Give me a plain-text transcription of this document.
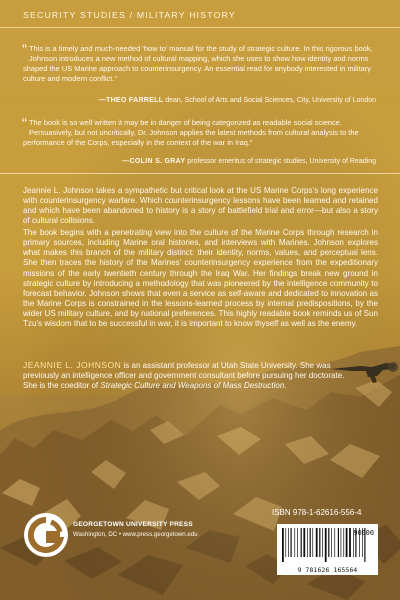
SECURITY STUDIES / MILITARY HISTORY
“ This is a timely and much-needed ‘how to’ manual for the study of strategic culture. In this rigorous book, Johnson introduces a new method of cultural mapping, which she uses to show how identity and norms shaped the US Marine approach to counterinsurgency. An essential read for anybody interested in military culture and modern conflict.”

—THEO FARRELL dean, School of Arts and Social Sciences, City, University of London
“ The book is so well written it may be in danger of being categorized as readable social science. Persuasively, but not uncritically, Dr. Johnson applies the latest methods from cultural analysis to the performance of the Corps, especially in the context of the war in Iraq.”

—COLIN S. GRAY professor emeritus of strategic studies, University of Reading

Jeannie L. Johnson takes a sympathetic but critical look at the US Marine Corps’s long experience with counterinsurgency warfare. Which counterinsurgency lessons have been learned and retained and which have been abandoned to history is a story of battlefield trial and error—but also a story of cultural collisions.

The book begins with a penetrating view into the culture of the Marine Corps through research in primary sources, including Marine oral histories, and interviews with Marines. Johnson explores what makes this branch of the military distinct: their identity, norms, values, and perceptual lens. She then traces the history of the Marines’ counterinsurgency experience from the expeditionary missions of the early twentieth century through the Iraq War. Her findings break new ground in strategic culture by introducing a methodology that was pioneered by the intelligence community to forecast behavior. Johnson shows that even a service as self-aware and dedicated to innovation as the Marine Corps is constrained in the lessons-learned process by internal predispositions, by the wider US military culture, and by national preferences. This highly readable book reminds us of Sun Tzu’s wisdom that to be successful in war, it is important to know thyself as well as the enemy.

JEANNIE L. JOHNSON is an assistant professor at Utah State University. She was previously an intelligence officer and government consultant before pursuing her doctorate. She is the coeditor of Strategic Culture and Weapons of Mass Destruction.
GEORGETOWN UNIVERSITY PRESS
Washington, DC • www.press.georgetown.edu
ISBN 978-1-62616-556-4
90000
9 781626 165564
